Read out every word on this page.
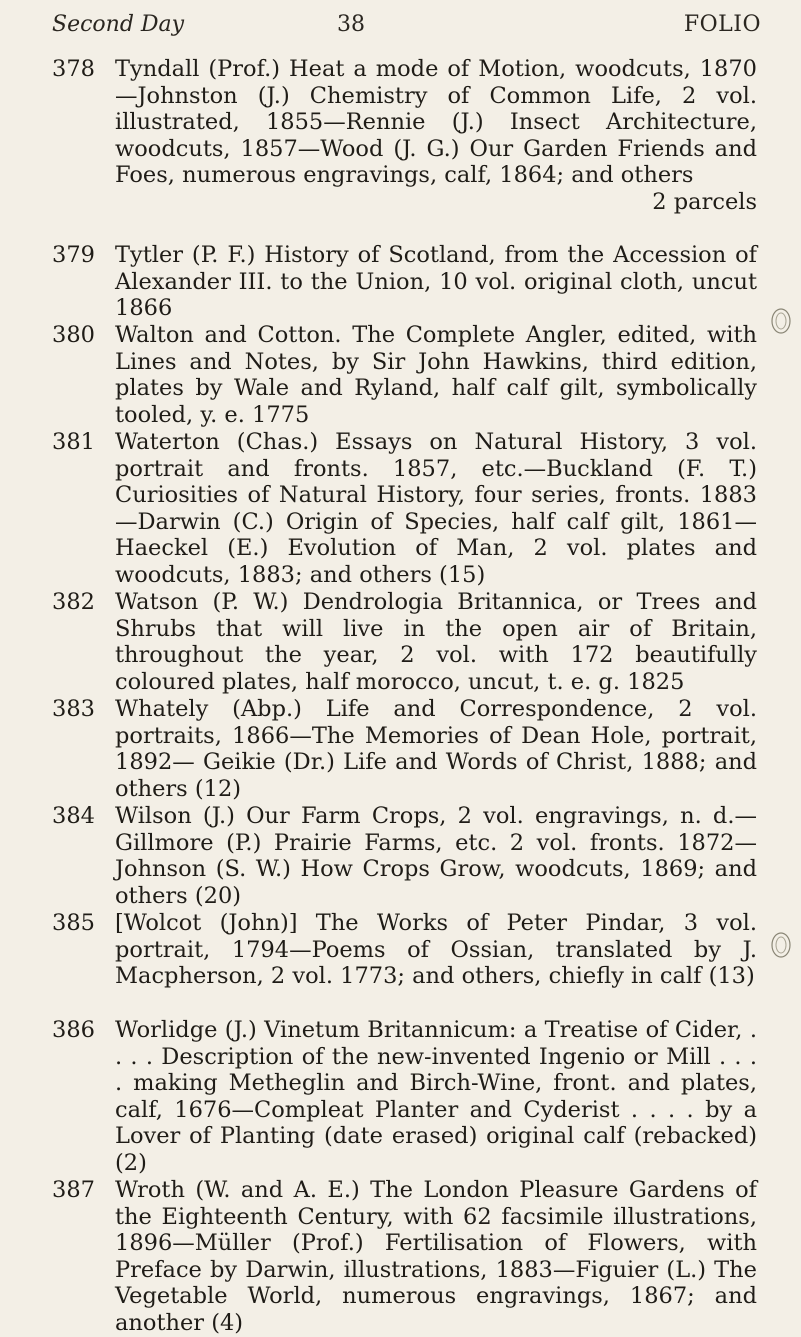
Second Day	38	FOLIO
378 Tyndall (Prof.) Heat a mode of Motion, woodcuts, 1870 —Johnston (J.) Chemistry of Common Life, 2 vol. illustrated, 1855—Rennie (J.) Insect Architecture, woodcuts, 1857—Wood (J. G.) Our Garden Friends and Foes, numerous engravings, calf, 1864; and others
2 parcels
379 Tytler (P. F.) History of Scotland, from the Accession of Alexander III. to the Union, 10 vol. original cloth, uncut 1866
380 Walton and Cotton. The Complete Angler, edited, with Lines and Notes, by Sir John Hawkins, third edition, plates by Wale and Ryland, half calf gilt, symbolically tooled, y. e. 1775
381 Waterton (Chas.) Essays on Natural History, 3 vol. portrait and fronts. 1857, etc.—Buckland (F. T.) Curiosities of Natural History, four series, fronts. 1883 —Darwin (C.) Origin of Species, half calf gilt, 1861— Haeckel (E.) Evolution of Man, 2 vol. plates and woodcuts, 1883; and others (15)
382 Watson (P. W.) Dendrologia Britannica, or Trees and Shrubs that will live in the open air of Britain, throughout the year, 2 vol. with 172 beautifully coloured plates, half morocco, uncut, t. e. g. 1825
383 Whately (Abp.) Life and Correspondence, 2 vol. portraits, 1866—The Memories of Dean Hole, portrait, 1892— Geikie (Dr.) Life and Words of Christ, 1888; and others (12)
384 Wilson (J.) Our Farm Crops, 2 vol. engravings, n. d.— Gillmore (P.) Prairie Farms, etc. 2 vol. fronts. 1872— Johnson (S. W.) How Crops Grow, woodcuts, 1869; and others (20)
385 [Wolcot (John)] The Works of Peter Pindar, 3 vol. portrait, 1794—Poems of Ossian, translated by J. Macpherson, 2 vol. 1773; and others, chiefly in calf (13)
386 Worlidge (J.) Vinetum Britannicum: a Treatise of Cider, . . . . Description of the new-invented Ingenio or Mill . . . . making Metheglin and Birch-Wine, front. and plates, calf, 1676—Compleat Planter and Cyderist . . . . by a Lover of Planting (date erased) original calf (rebacked) (2)
387 Wroth (W. and A. E.) The London Pleasure Gardens of the Eighteenth Century, with 62 facsimile illustrations, 1896—Müller (Prof.) Fertilisation of Flowers, with Preface by Darwin, illustrations, 1883—Figuier (L.) The Vegetable World, numerous engravings, 1867; and another (4)
